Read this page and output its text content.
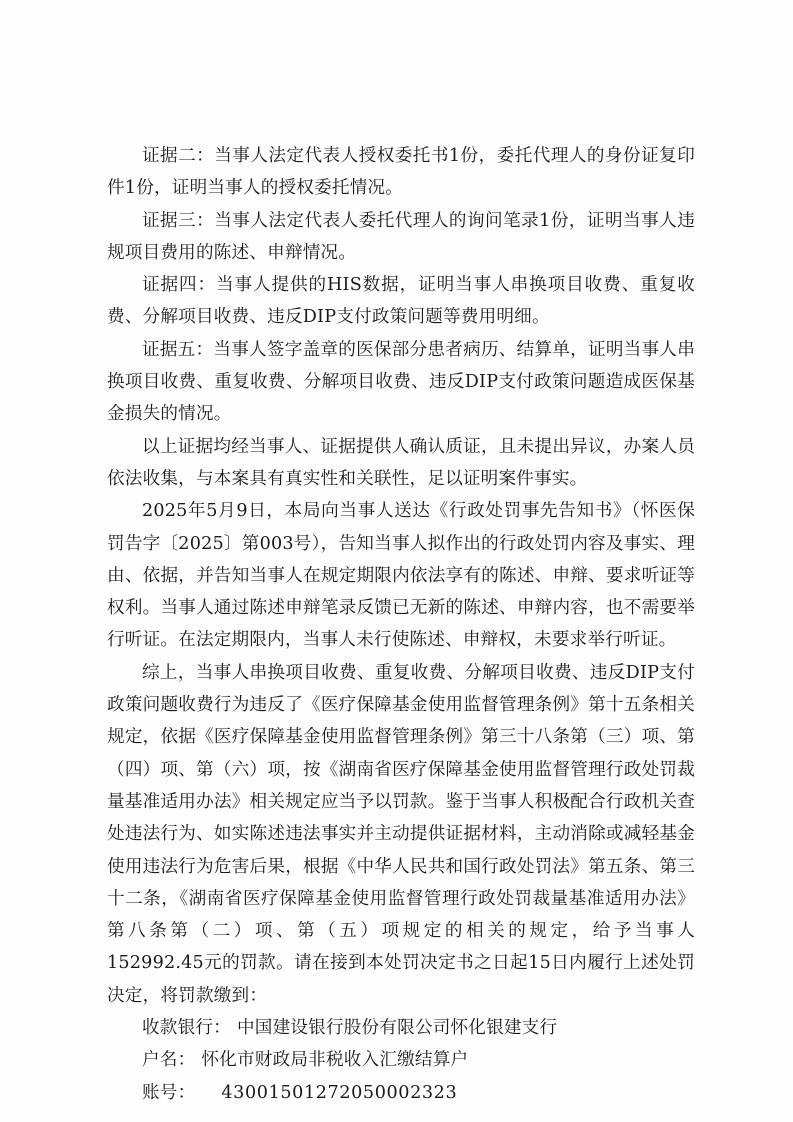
证据二：当事人法定代表人授权委托书1份，委托代理人的身份证复印件1份，证明当事人的授权委托情况。

证据三：当事人法定代表人委托代理人的询问笔录1份，证明当事人违规项目费用的陈述、申辩情况。

证据四：当事人提供的HIS数据，证明当事人串换项目收费、重复收费、分解项目收费、违反DIP支付政策问题等费用明细。

证据五：当事人签字盖章的医保部分患者病历、结算单，证明当事人串换项目收费、重复收费、分解项目收费、违反DIP支付政策问题造成医保基金损失的情况。

以上证据均经当事人、证据提供人确认质证，且未提出异议，办案人员依法收集，与本案具有真实性和关联性，足以证明案件事实。

2025年5月9日，本局向当事人送达《行政处罚事先告知书》（怀医保罚告字〔2025〕第003号），告知当事人拟作出的行政处罚内容及事实、理由、依据，并告知当事人在规定期限内依法享有的陈述、申辩、要求听证等权利。当事人通过陈述申辩笔录反馈已无新的陈述、申辩内容，也不需要举行听证。在法定期限内，当事人未行使陈述、申辩权，未要求举行听证。

综上，当事人串换项目收费、重复收费、分解项目收费、违反DIP支付政策问题收费行为违反了《医疗保障基金使用监督管理条例》第十五条相关规定，依据《医疗保障基金使用监督管理条例》第三十八条第（三）项、第（四）项、第（六）项，按《湖南省医疗保障基金使用监督管理行政处罚裁量基准适用办法》相关规定应当予以罚款。鉴于当事人积极配合行政机关查处违法行为、如实陈述违法事实并主动提供证据材料，主动消除或减轻基金使用违法行为危害后果，根据《中华人民共和国行政处罚法》第五条、第三十二条，《湖南省医疗保障基金使用监督管理行政处罚裁量基准适用办法》第八条第（二）项、第（五）项规定的相关的规定，给予当事人152992.45元的罚款。请在接到本处罚决定书之日起15日内履行上述处罚决定，将罚款缴到：

收款银行： 中国建设银行股份有限公司怀化银建支行

户名： 怀化市财政局非税收入汇缴结算户

账号： 43001501272050002323
